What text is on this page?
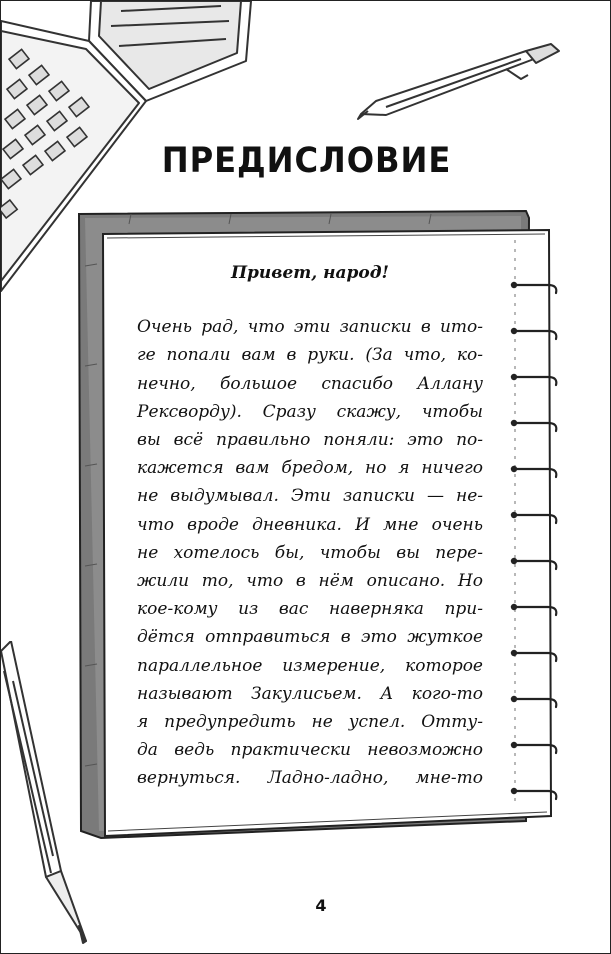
ПРЕДИСЛОВИЕ
Привет, народ!
Очень рад, что эти записки в ито-
ге попали вам в руки. (За что, ко-
нечно, большое спасибо Аллану
Рексворду). Сразу скажу, чтобы
вы всё правильно поняли: это по-
кажется вам бредом, но я ничего
не выдумывал. Эти записки — не-
что вроде дневника. И мне очень
не хотелось бы, чтобы вы пере-
жили то, что в нём описано. Но
кое-кому из вас наверняка при-
дётся отправиться в это жуткое
параллельное измерение, которое
называют Закулисьем. А кого-то
я предупредить не успел. Отту-
да ведь практически невозможно
вернуться. Ладно-ладно, мне-то
4
